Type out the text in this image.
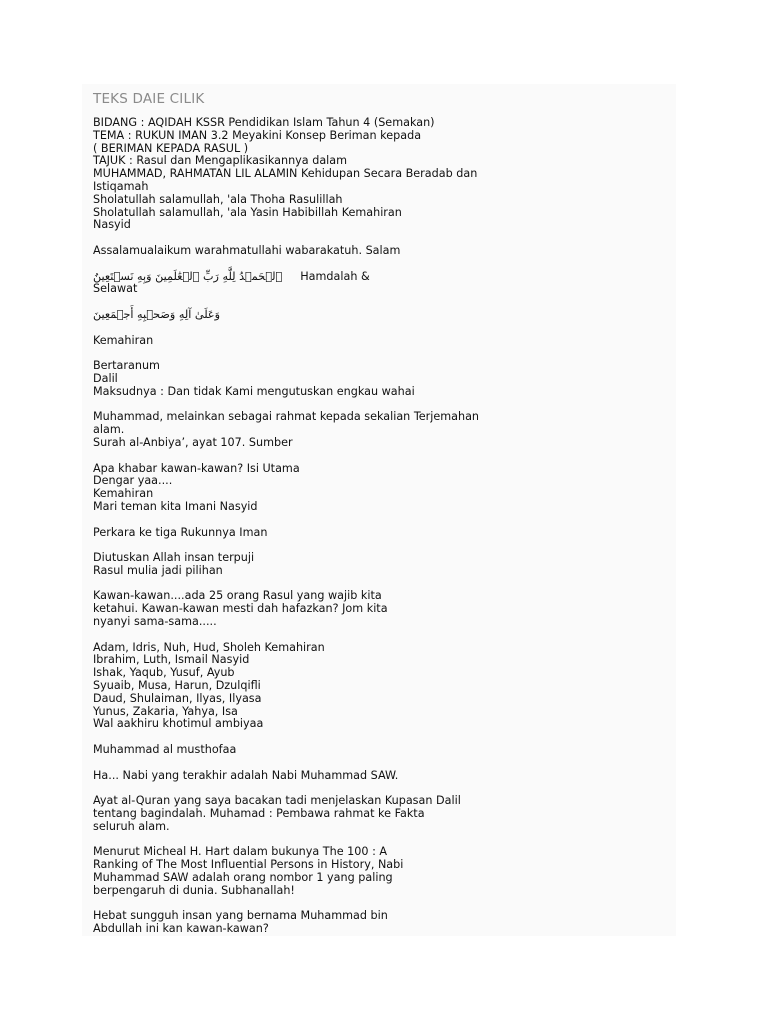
TEKS DAIE CILIK
BIDANG : AQIDAH KSSR Pendidikan Islam Tahun 4 (Semakan)
TEMA : RUKUN IMAN 3.2 Meyakini Konsep Beriman kepada
( BERIMAN KEPADA RASUL )
TAJUK : Rasul dan Mengaplikasikannya dalam
MUHAMMAD, RAHMATAN LIL ALAMIN Kehidupan Secara Beradab dan
Istiqamah
Sholatullah salamullah, 'ala Thoha Rasulillah
Sholatullah salamullah, 'ala Yasin Habibillah Kemahiran
Nasyid
Assalamualaikum warahmatullahi wabarakatuh. Salam
ٱلۡحَمۡدُ لِلَّهِ رَبِّ ٱلۡعَٰلَمِينَ وَبِهِ نَسۡتَعِينُ Hamdalah &
Selawat
وَعَلَىٰ آلِهِ وَصَحۡبِهِ أَجۡمَعِينَ
Kemahiran
Bertaranum
Dalil
Maksudnya : Dan tidak Kami mengutuskan engkau wahai
Muhammad, melainkan sebagai rahmat kepada sekalian Terjemahan
alam.
Surah al-Anbiya’, ayat 107. Sumber
Apa khabar kawan-kawan? Isi Utama
Dengar yaa....
Kemahiran
Mari teman kita Imani Nasyid
Perkara ke tiga Rukunnya Iman
Diutuskan Allah insan terpuji
Rasul mulia jadi pilihan
Kawan-kawan....ada 25 orang Rasul yang wajib kita
ketahui. Kawan-kawan mesti dah hafazkan? Jom kita
nyanyi sama-sama.....
Adam, Idris, Nuh, Hud, Sholeh Kemahiran
Ibrahim, Luth, Ismail Nasyid
Ishak, Yaqub, Yusuf, Ayub
Syuaib, Musa, Harun, Dzulqifli
Daud, Shulaiman, Ilyas, Ilyasa
Yunus, Zakaria, Yahya, Isa
Wal aakhiru khotimul ambiyaa
Muhammad al musthofaa
Ha... Nabi yang terakhir adalah Nabi Muhammad SAW.
Ayat al-Quran yang saya bacakan tadi menjelaskan Kupasan Dalil
tentang bagindalah. Muhamad : Pembawa rahmat ke Fakta
seluruh alam.
Menurut Micheal H. Hart dalam bukunya The 100 : A
Ranking of The Most Influential Persons in History, Nabi
Muhammad SAW adalah orang nombor 1 yang paling
berpengaruh di dunia. Subhanallah!
Hebat sungguh insan yang bernama Muhammad bin
Abdullah ini kan kawan-kawan?
